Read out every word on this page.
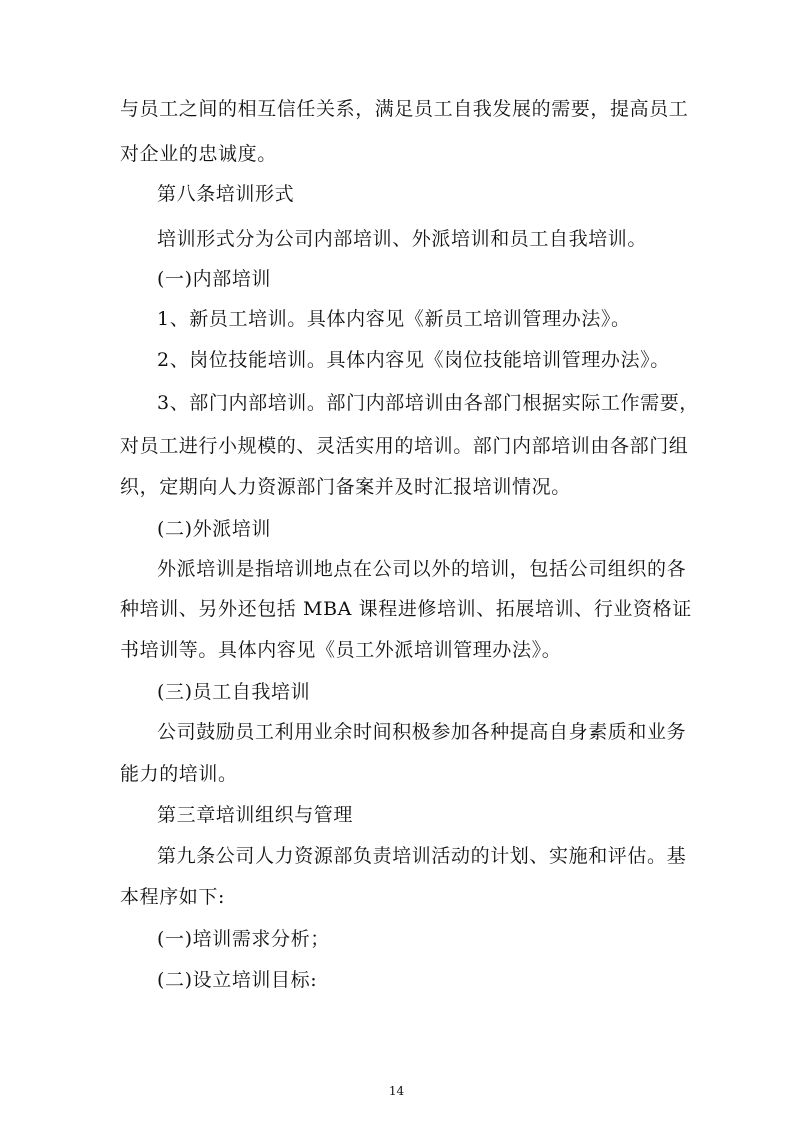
与员工之间的相互信任关系，满足员工自我发展的需要，提高员工
对企业的忠诚度。
第八条培训形式
培训形式分为公司内部培训、外派培训和员工自我培训。
(一)内部培训
1、新员工培训。具体内容见《新员工培训管理办法》。
2、岗位技能培训。具体内容见《岗位技能培训管理办法》。
3、部门内部培训。部门内部培训由各部门根据实际工作需要，
对员工进行小规模的、灵活实用的培训。部门内部培训由各部门组
织，定期向人力资源部门备案并及时汇报培训情况。
(二)外派培训
外派培训是指培训地点在公司以外的培训，包括公司组织的各
种培训、另外还包括 MBA 课程进修培训、拓展培训、行业资格证
书培训等。具体内容见《员工外派培训管理办法》。
(三)员工自我培训
公司鼓励员工利用业余时间积极参加各种提高自身素质和业务
能力的培训。
第三章培训组织与管理
第九条公司人力资源部负责培训活动的计划、实施和评估。基
本程序如下:
(一)培训需求分析；
(二)设立培训目标:
14
